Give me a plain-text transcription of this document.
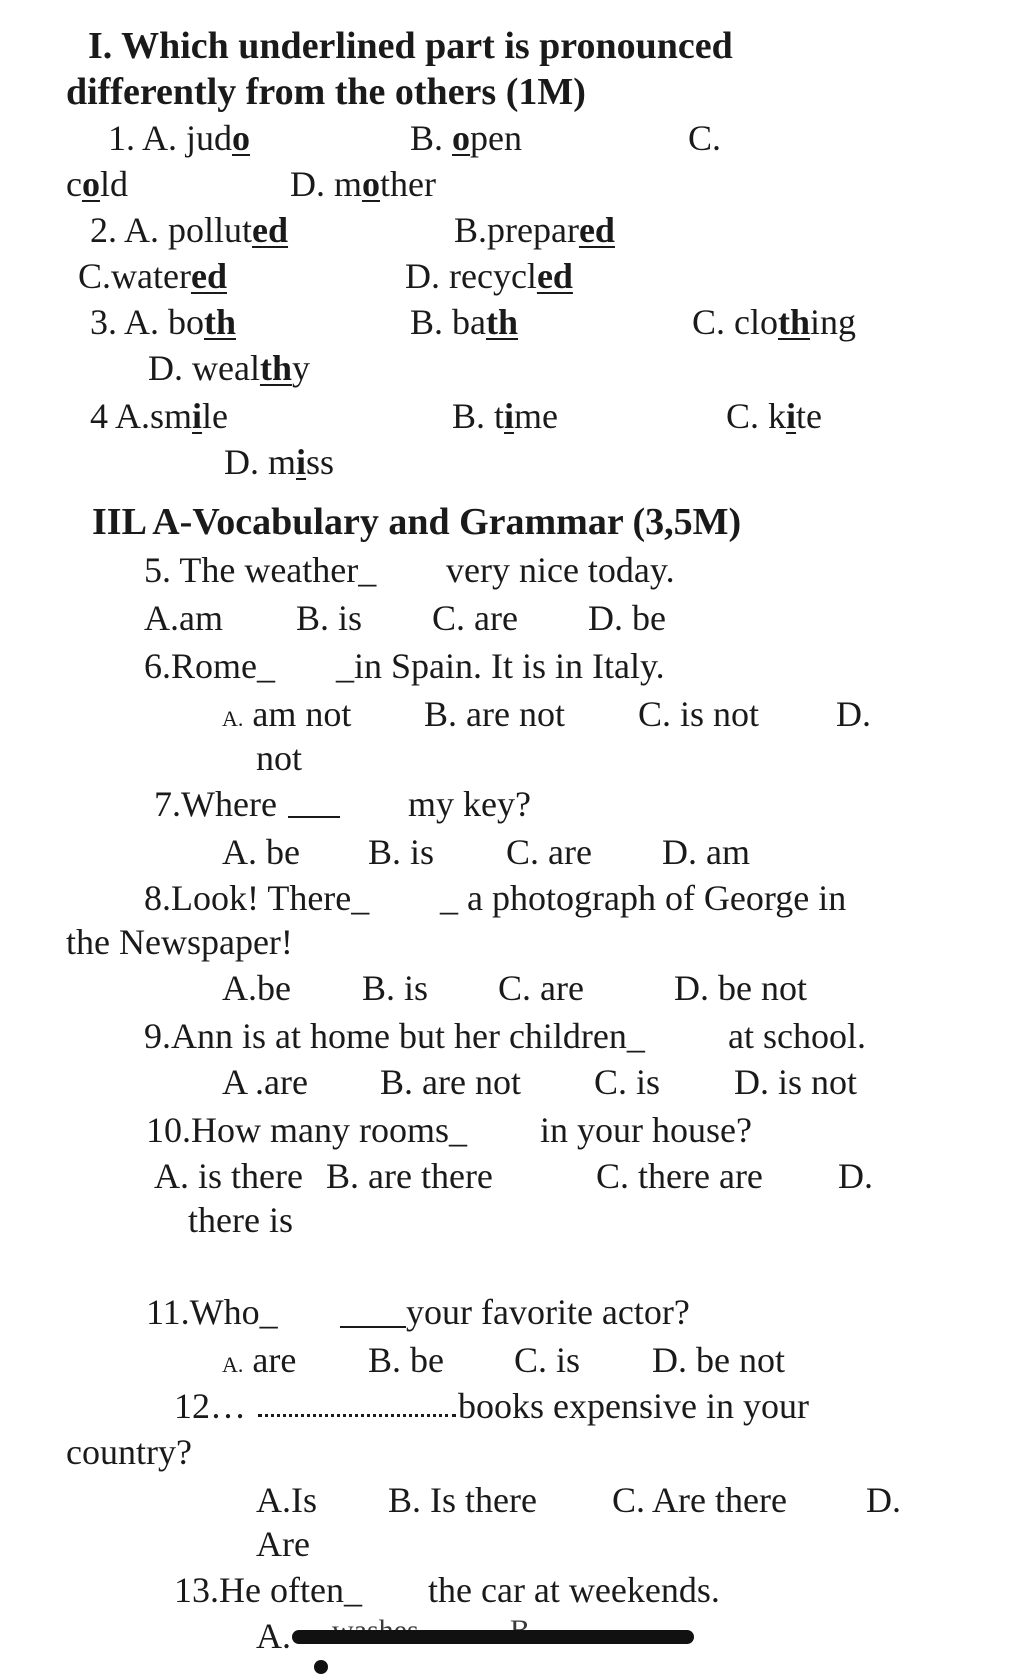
I. Which underlined part is pronounced
differently from the others (1M)
1. A. judo	B. open	C.
cold	D. mother
2. A. polluted	B.prepared
C.watered	D. recycled
3. A. both	B. bath	C. clothing
D. wealthy
4 A.smile	B. time	C. kite
D. miss
IIL A-Vocabulary and Grammar (3,5M)
5. The weather_ very nice today.
A.am B. is C. are D. be
6.Rome_ _in Spain. It is in Italy.
A. am not B. are not C. is not D.
not
7.Where	my key?
A. be B. is C. are D. am
8.Look! There_ _ a photograph of George in
the Newspaper!
A.be B. is C. are	D. be not
9.Ann is at home but her children_ at school.
A .are B. are not C. is D. is not
10.How many rooms_ in your house?
A. is there B. are there	C. there are D.
there is
11.Who_	your favorite actor?
A. are B. be C. is D. be not
12…	books expensive in your
country?
A.Is B. Is there C. Are there D.
Are
13.He often_ the car at weekends.
A.
